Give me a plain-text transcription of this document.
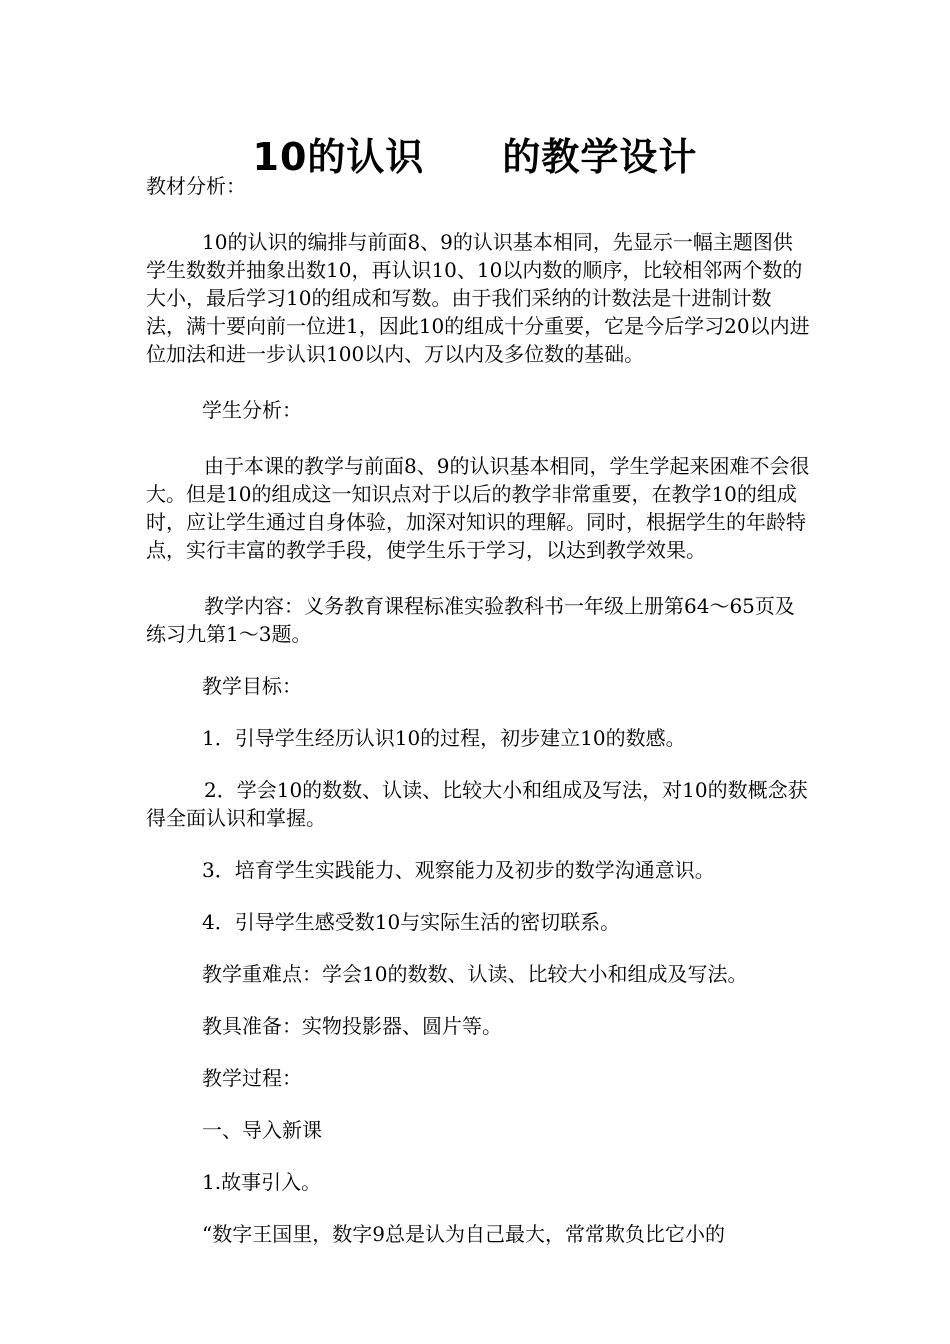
10的认识　　的教学设计

教材分析：

10的认识的编排与前面8、9的认识基本相同，先显示一幅主题图供学生数数并抽象出数10，再认识10、10以内数的顺序，比较相邻两个数的大小，最后学习10的组成和写数。由于我们采纳的计数法是十进制计数法，满十要向前一位进1，因此10的组成十分重要，它是今后学习20以内进位加法和进一步认识100以内、万以内及多位数的基础。

学生分析：

由于本课的教学与前面8、9的认识基本相同，学生学起来困难不会很大。但是10的组成这一知识点对于以后的教学非常重要，在教学10的组成时，应让学生通过自身体验，加深对知识的理解。同时，根据学生的年龄特点，实行丰富的教学手段，使学生乐于学习，以达到教学效果。

教学内容：义务教育课程标准实验教科书一年级上册第64～65页及练习九第1～3题。

教学目标：

1．引导学生经历认识10的过程，初步建立10的数感。

2．学会10的数数、认读、比较大小和组成及写法，对10的数概念获得全面认识和掌握。

3．培育学生实践能力、观察能力及初步的数学沟通意识。

4．引导学生感受数10与实际生活的密切联系。

教学重难点：学会10的数数、认读、比较大小和组成及写法。

教具准备：实物投影器、圆片等。

教学过程：

一、导入新课

1.故事引入。

“数字王国里，数字9总是认为自己最大，常常欺负比它小的
